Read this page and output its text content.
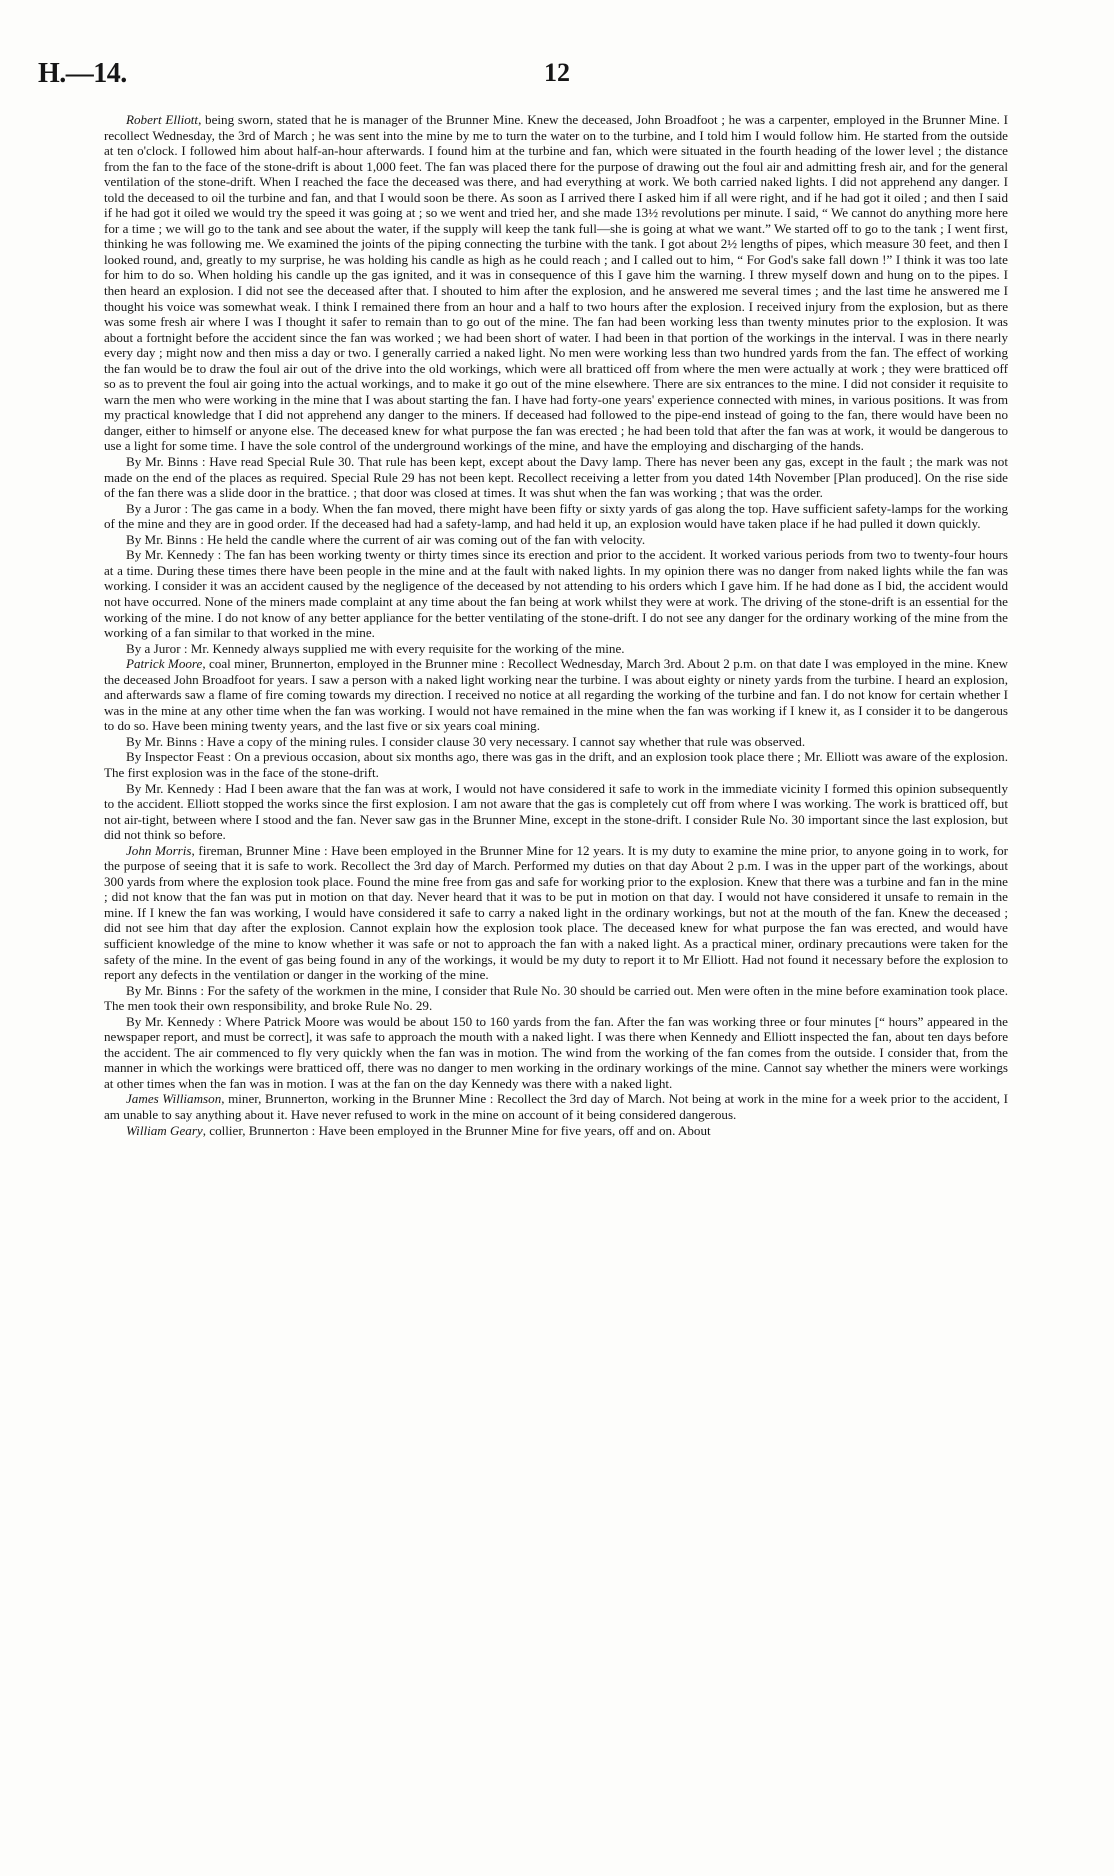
H.—14.	12

Robert Elliott, being sworn, stated that he is manager of the Brunner Mine. Knew the deceased, John Broadfoot ; he was a carpenter, employed in the Brunner Mine. I recollect Wednesday, the 3rd of March ; he was sent into the mine by me to turn the water on to the turbine, and I told him I would follow him. He started from the outside at ten o'clock. I followed him about half-an-hour afterwards. I found him at the turbine and fan, which were situated in the fourth heading of the lower level ; the distance from the fan to the face of the stone-drift is about 1,000 feet. The fan was placed there for the purpose of drawing out the foul air and admitting fresh air, and for the general ventilation of the stone-drift. When I reached the face the deceased was there, and had everything at work. We both carried naked lights. I did not apprehend any danger. I told the deceased to oil the turbine and fan, and that I would soon be there. As soon as I arrived there I asked him if all were right, and if he had got it oiled ; and then I said if he had got it oiled we would try the speed it was going at ; so we went and tried her, and she made 13½ revolutions per minute. I said, “ We cannot do anything more here for a time ; we will go to the tank and see about the water, if the supply will keep the tank full—she is going at what we want.” We started off to go to the tank ; I went first, thinking he was following me. We examined the joints of the piping connecting the turbine with the tank. I got about 2½ lengths of pipes, which measure 30 feet, and then I looked round, and, greatly to my surprise, he was holding his candle as high as he could reach ; and I called out to him, “ For God's sake fall down !” I think it was too late for him to do so. When holding his candle up the gas ignited, and it was in consequence of this I gave him the warning. I threw myself down and hung on to the pipes. I then heard an explosion. I did not see the deceased after that. I shouted to him after the explosion, and he answered me several times ; and the last time he answered me I thought his voice was somewhat weak. I think I remained there from an hour and a half to two hours after the explosion. I received injury from the explosion, but as there was some fresh air where I was I thought it safer to remain than to go out of the mine. The fan had been working less than twenty minutes prior to the explosion. It was about a fortnight before the accident since the fan was worked ; we had been short of water. I had been in that portion of the workings in the interval. I was in there nearly every day ; might now and then miss a day or two. I generally carried a naked light. No men were working less than two hundred yards from the fan. The effect of working the fan would be to draw the foul air out of the drive into the old workings, which were all bratticed off from where the men were actually at work ; they were bratticed off so as to prevent the foul air going into the actual workings, and to make it go out of the mine elsewhere. There are six entrances to the mine. I did not consider it requisite to warn the men who were working in the mine that I was about starting the fan. I have had forty-one years' experience connected with mines, in various positions. It was from my practical knowledge that I did not apprehend any danger to the miners. If deceased had followed to the pipe-end instead of going to the fan, there would have been no danger, either to himself or anyone else. The deceased knew for what purpose the fan was erected ; he had been told that after the fan was at work, it would be dangerous to use a light for some time. I have the sole control of the underground workings of the mine, and have the employing and discharging of the hands.

By Mr. Binns : Have read Special Rule 30. That rule has been kept, except about the Davy lamp. There has never been any gas, except in the fault ; the mark was not made on the end of the places as required. Special Rule 29 has not been kept. Recollect receiving a letter from you dated 14th November [Plan produced]. On the rise side of the fan there was a slide door in the brattice. ; that door was closed at times. It was shut when the fan was working ; that was the order.

By a Juror : The gas came in a body. When the fan moved, there might have been fifty or sixty yards of gas along the top. Have sufficient safety-lamps for the working of the mine and they are in good order. If the deceased had had a safety-lamp, and had held it up, an explosion would have taken place if he had pulled it down quickly.

By Mr. Binns : He held the candle where the current of air was coming out of the fan with velocity.

By Mr. Kennedy : The fan has been working twenty or thirty times since its erection and prior to the accident. It worked various periods from two to twenty-four hours at a time. During these times there have been people in the mine and at the fault with naked lights. In my opinion there was no danger from naked lights while the fan was working. I consider it was an accident caused by the negligence of the deceased by not attending to his orders which I gave him. If he had done as I bid, the accident would not have occurred. None of the miners made complaint at any time about the fan being at work whilst they were at work. The driving of the stone-drift is an essential for the working of the mine. I do not know of any better appliance for the better ventilating of the stone-drift. I do not see any danger for the ordinary working of the mine from the working of a fan similar to that worked in the mine.

By a Juror : Mr. Kennedy always supplied me with every requisite for the working of the mine.

Patrick Moore, coal miner, Brunnerton, employed in the Brunner mine : Recollect Wednesday, March 3rd. About 2 p.m. on that date I was employed in the mine. Knew the deceased John Broadfoot for years. I saw a person with a naked light working near the turbine. I was about eighty or ninety yards from the turbine. I heard an explosion, and afterwards saw a flame of fire coming towards my direction. I received no notice at all regarding the working of the turbine and fan. I do not know for certain whether I was in the mine at any other time when the fan was working. I would not have remained in the mine when the fan was working if I knew it, as I consider it to be dangerous to do so. Have been mining twenty years, and the last five or six years coal mining.

By Mr. Binns : Have a copy of the mining rules. I consider clause 30 very necessary. I cannot say whether that rule was observed.

By Inspector Feast : On a previous occasion, about six months ago, there was gas in the drift, and an explosion took place there ; Mr. Elliott was aware of the explosion. The first explosion was in the face of the stone-drift.

By Mr. Kennedy : Had I been aware that the fan was at work, I would not have considered it safe to work in the immediate vicinity I formed this opinion subsequently to the accident. Elliott stopped the works since the first explosion. I am not aware that the gas is completely cut off from where I was working. The work is bratticed off, but not air-tight, between where I stood and the fan. Never saw gas in the Brunner Mine, except in the stone-drift. I consider Rule No. 30 important since the last explosion, but did not think so before.

John Morris, fireman, Brunner Mine : Have been employed in the Brunner Mine for 12 years. It is my duty to examine the mine prior, to anyone going in to work, for the purpose of seeing that it is safe to work. Recollect the 3rd day of March. Performed my duties on that day About 2 p.m. I was in the upper part of the workings, about 300 yards from where the explosion took place. Found the mine free from gas and safe for working prior to the explosion. Knew that there was a turbine and fan in the mine ; did not know that the fan was put in motion on that day. Never heard that it was to be put in motion on that day. I would not have considered it unsafe to remain in the mine. If I knew the fan was working, I would have considered it safe to carry a naked light in the ordinary workings, but not at the mouth of the fan. Knew the deceased ; did not see him that day after the explosion. Cannot explain how the explosion took place. The deceased knew for what purpose the fan was erected, and would have sufficient knowledge of the mine to know whether it was safe or not to approach the fan with a naked light. As a practical miner, ordinary precautions were taken for the safety of the mine. In the event of gas being found in any of the workings, it would be my duty to report it to Mr Elliott. Had not found it necessary before the explosion to report any defects in the ventilation or danger in the working of the mine.

By Mr. Binns : For the safety of the workmen in the mine, I consider that Rule No. 30 should be carried out. Men were often in the mine before examination took place. The men took their own responsibility, and broke Rule No. 29.

By Mr. Kennedy : Where Patrick Moore was would be about 150 to 160 yards from the fan. After the fan was working three or four minutes [“ hours” appeared in the newspaper report, and must be correct], it was safe to approach the mouth with a naked light. I was there when Kennedy and Elliott inspected the fan, about ten days before the accident. The air commenced to fly very quickly when the fan was in motion. The wind from the working of the fan comes from the outside. I consider that, from the manner in which the workings were bratticed off, there was no danger to men working in the ordinary workings of the mine. Cannot say whether the miners were workings at other times when the fan was in motion. I was at the fan on the day Kennedy was there with a naked light.

James Williamson, miner, Brunnerton, working in the Brunner Mine : Recollect the 3rd day of March. Not being at work in the mine for a week prior to the accident, I am unable to say anything about it. Have never refused to work in the mine on account of it being considered dangerous.

William Geary, collier, Brunnerton : Have been employed in the Brunner Mine for five years, off and on. About
